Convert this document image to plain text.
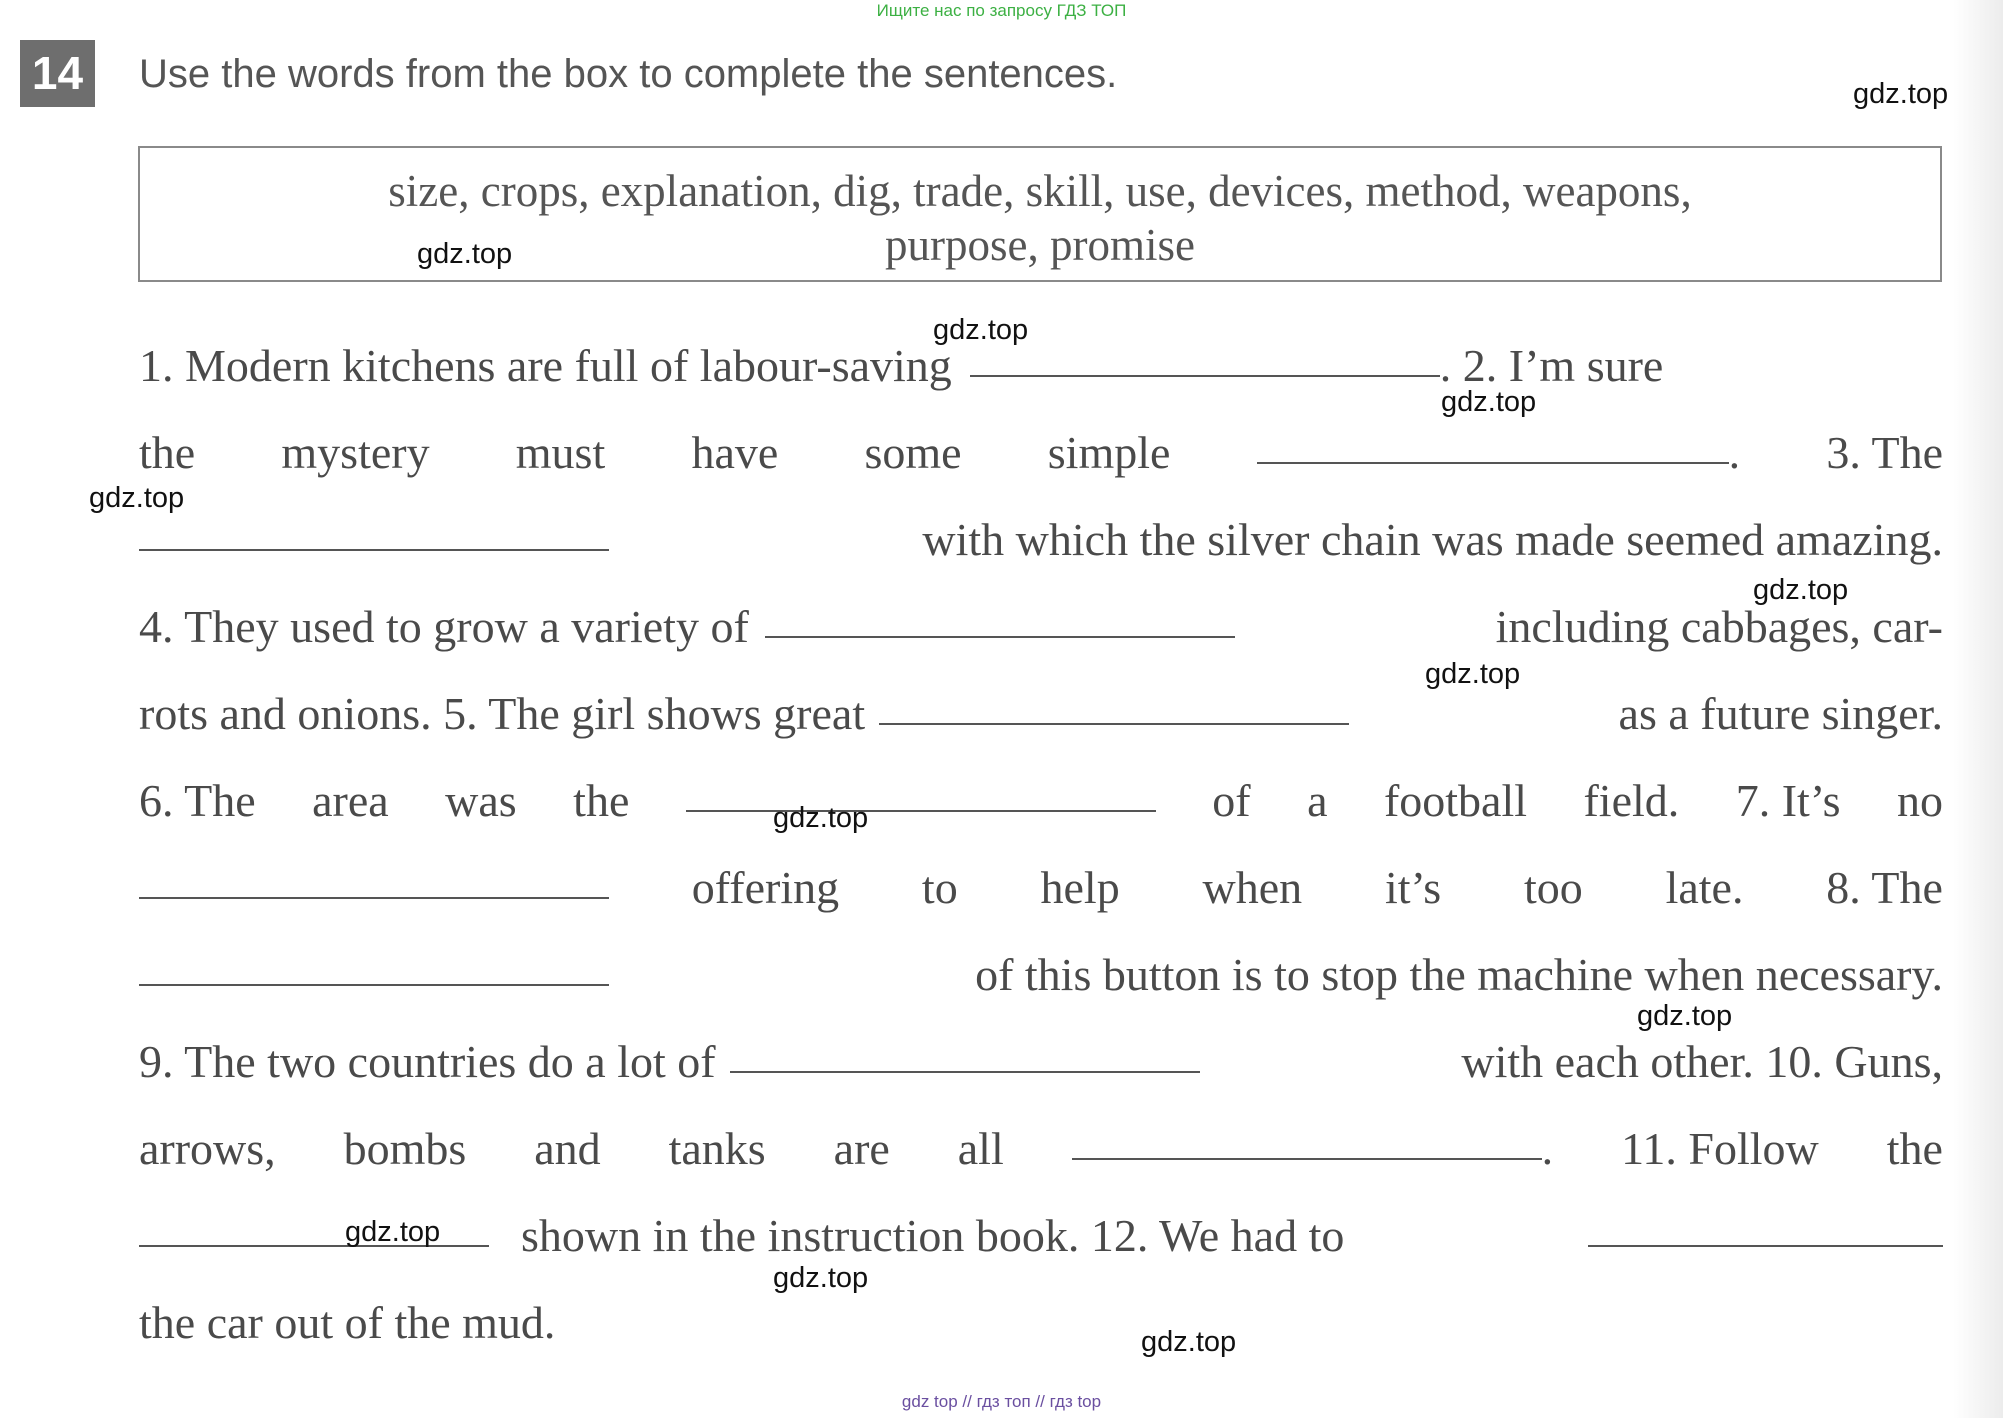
Ищите нас по запросу ГДЗ ТОП
14 Use the words from the box to complete the sentences.
size, crops, explanation, dig, trade, skill, use, devices, method, weapons,
purpose, promise
1. Modern kitchens are full of labour-saving	. 2. I’m sure
the mystery must have some simple	. 3. The
with which the silver chain was made seemed amazing.
4. They used to grow a variety of	including cabbages, car-
rots and onions. 5. The girl shows great	as a future singer.
6. The area was the	of a football field. 7. It’s no
offering to help when it’s too late. 8. The
of this button is to stop the machine when necessary.
9. The two countries do a lot of	with each other. 10. Guns,
arrows, bombs and tanks are all	. 11. Follow the
shown in the instruction book. 12. We had to
the car out of the mud.
gdz.top
gdz.top
gdz.top
gdz.top
gdz.top
gdz.top
gdz.top
gdz.top
gdz.top
gdz.top
gdz.top
gdz.top
gdz top // гдз топ // гдз top
